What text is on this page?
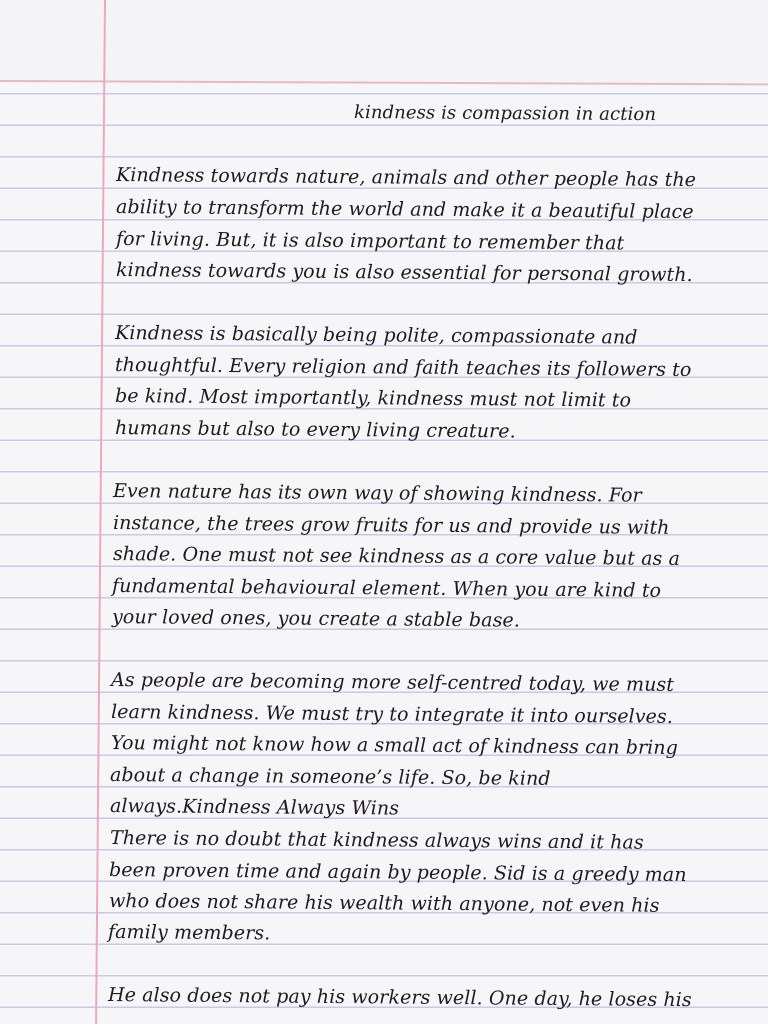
kindness is compassion in action
Kindness towards nature, animals and other people has the
ability to transform the world and make it a beautiful place
for living. But, it is also important to remember that
kindness towards you is also essential for personal growth.
Kindness is basically being polite, compassionate and
thoughtful. Every religion and faith teaches its followers to
be kind. Most importantly, kindness must not limit to
humans but also to every living creature.
Even nature has its own way of showing kindness. For
instance, the trees grow fruits for us and provide us with
shade. One must not see kindness as a core value but as a
fundamental behavioural element. When you are kind to
your loved ones, you create a stable base.
As people are becoming more self-centred today, we must
learn kindness. We must try to integrate it into ourselves.
You might not know how a small act of kindness can bring
about a change in someone’s life. So, be kind
always.Kindness Always Wins
There is no doubt that kindness always wins and it has
been proven time and again by people. Sid is a greedy man
who does not share his wealth with anyone, not even his
family members.
He also does not pay his workers well. One day, he loses his
